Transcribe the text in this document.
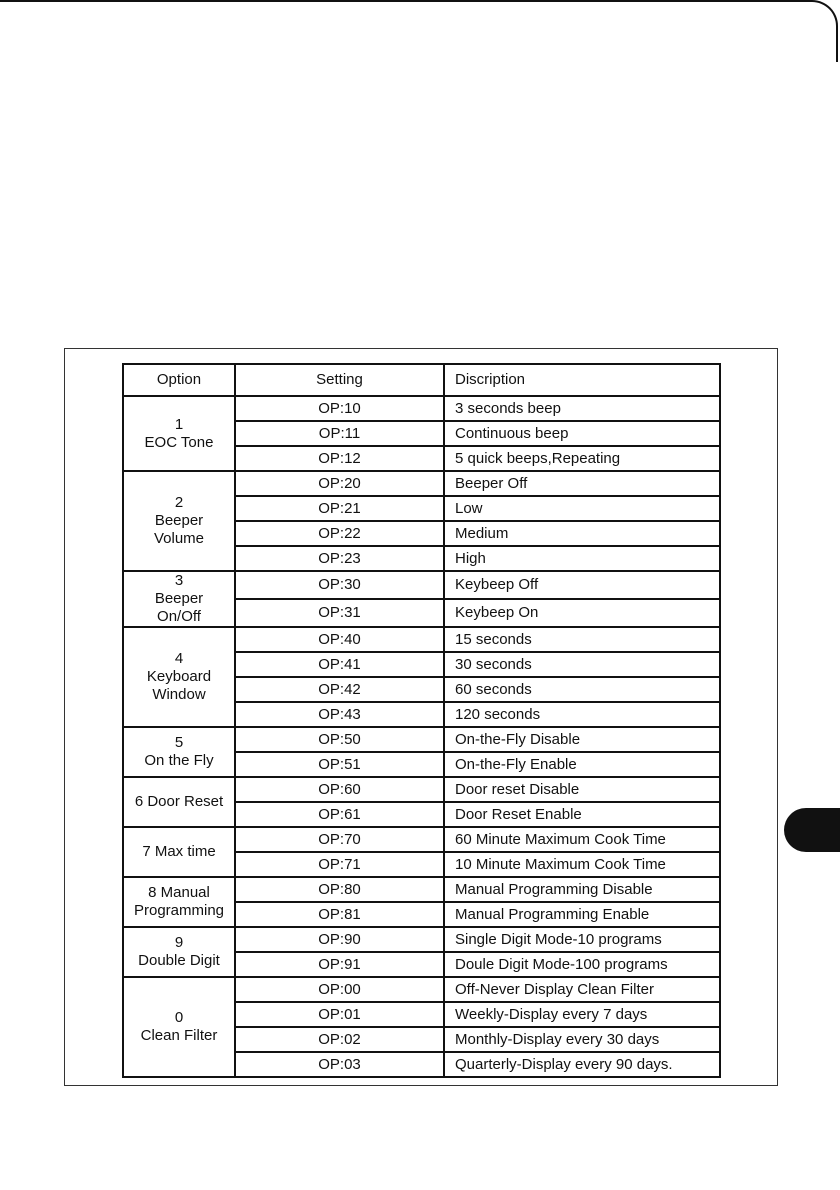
Option	Setting	Discription

1
EOC Tone	OP:10	3 seconds beep
	OP:11	Continuous beep
	OP:12	5 quick beeps,Repeating

2
Beeper
Volume	OP:20	Beeper Off
	OP:21	Low
	OP:22	Medium
	OP:23	High

3
Beeper
On/Off	OP:30	Keybeep Off
	OP:31	Keybeep On

4
Keyboard
Window	OP:40	15 seconds
	OP:41	30 seconds
	OP:42	60 seconds
	OP:43	120 seconds

5
On the Fly	OP:50	On-the-Fly Disable
	OP:51	On-the-Fly Enable

6 Door Reset	OP:60	Door reset Disable
	OP:61	Door Reset Enable

7 Max time	OP:70	60 Minute Maximum Cook Time
	OP:71	10 Minute Maximum Cook Time

8 Manual
Programming	OP:80	Manual Programming Disable
	OP:81	Manual Programming Enable

9
Double Digit	OP:90	Single Digit Mode-10 programs
	OP:91	Doule Digit Mode-100 programs

0
Clean Filter	OP:00	Off-Never Display Clean Filter
	OP:01	Weekly-Display every 7 days
	OP:02	Monthly-Display every 30 days
	OP:03	Quarterly-Display every 90 days.
